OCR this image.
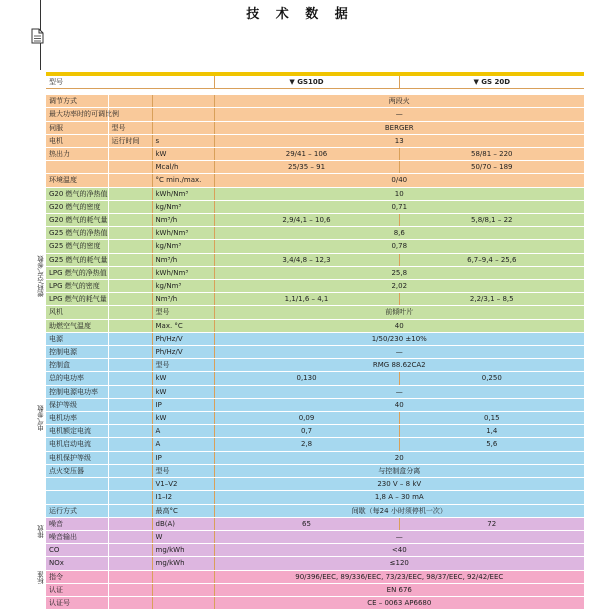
技 术 数 据
燃料/空气参数
电气参数
排放
标准
型号			▼ GS10D	▼ GS 20D

调节方式			两段火	
最大功率时的可调比例			—	
伺服	型号		BERGER	
电机	运行时间	s	13	
热出力		kW	29/41 – 106	58/81 – 220
		Mcal/h	25/35 – 91	50/70 – 189
环境温度		°C min./max.	0/40	
G20 燃气的净热值		kWh/Nm³	10	
G20 燃气的密度		kg/Nm³	0,71	
G20 燃气的耗气量		Nm³/h	2,9/4,1 – 10,6	5,8/8,1 – 22
G25 燃气的净热值		kWh/Nm³	8,6	
G25 燃气的密度		kg/Nm³	0,78	
G25 燃气的耗气量		Nm³/h	3,4/4,8 – 12,3	6,7–9,4 – 25,6
LPG 燃气的净热值		kWh/Nm³	25,8	
LPG 燃气的密度		kg/Nm³	2,02	
LPG 燃气的耗气量		Nm³/h	1,1/1,6 – 4,1	2,2/3,1 – 8,5
风机		型号	前倾叶片	
助燃空气温度		Max. °C	40	
电源		Ph/Hz/V	1/50/230 ±10%	
控制电源		Ph/Hz/V	—	
控制盒		型号	RMG 88.62CA2	
总的电功率		kW	0,130	0,250
控制电源电功率		kW	—	
保护等级		IP	40	
电机功率		kW	0,09	0,15
电机额定电流		A	0,7	1,4
电机启动电流		A	2,8	5,6
电机保护等级		IP	20	
点火变压器		型号	与控制盒分离	
		V1–V2	230 V – 8 kV	
		I1–I2	1,8 A – 30 mA	
运行方式		最高°C	间歇（每24 小时须停机一次）	
噪音		dB(A)	65	72
噪音输出		W	—	
CO		mg/kWh	<40	
NOx		mg/kWh	≤120	
指令			90/396/EEC, 89/336/EEC, 73/23/EEC, 98/37/EEC, 92/42/EEC	
认证			EN 676	
认证号			CE – 0063 AP6680	
